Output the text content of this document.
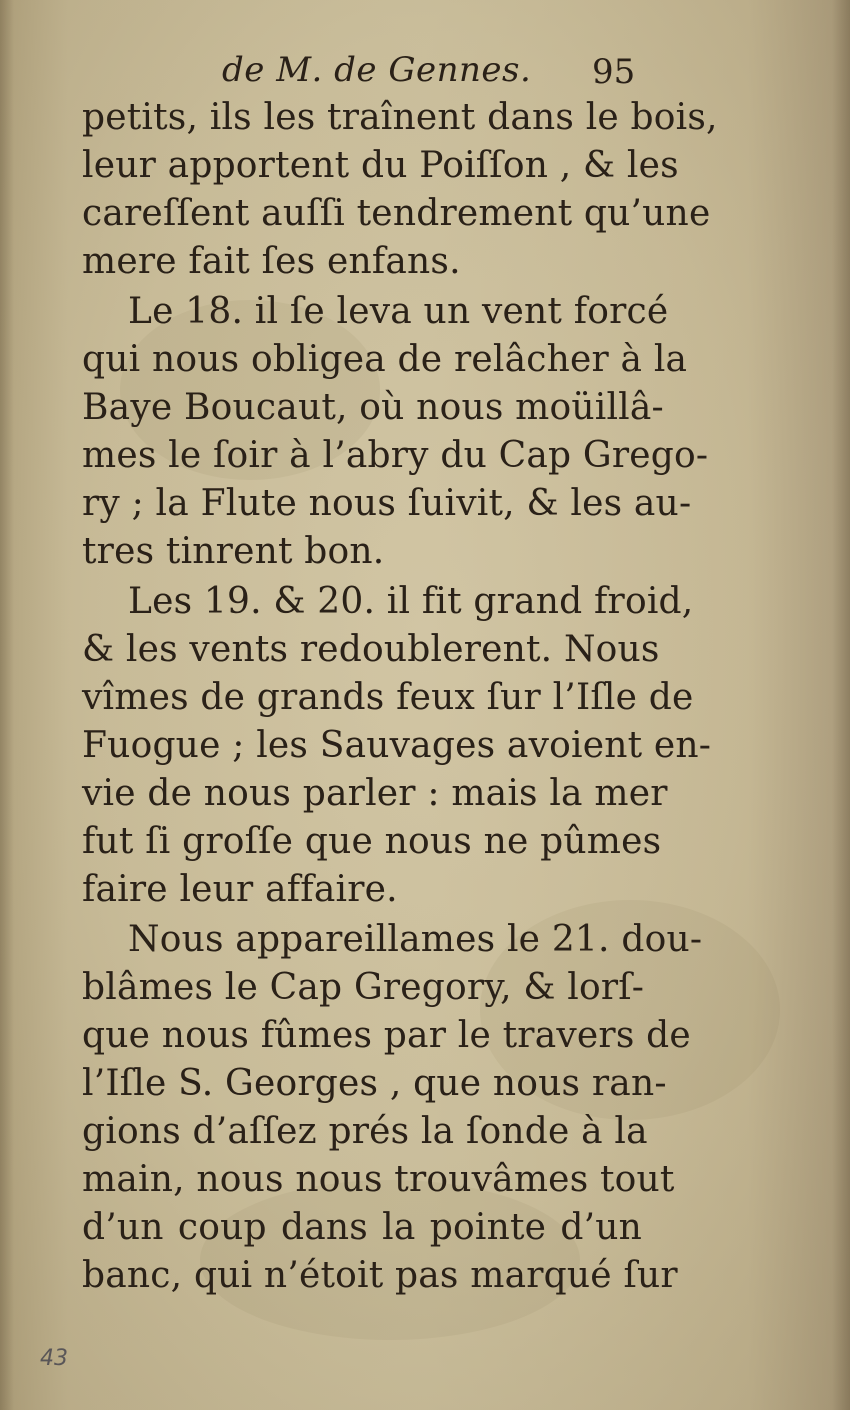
de M. de Gennes. 95
petits, ils les traînent dans le bois,
leur apportent du Poiſſon , & les
careſſent auſſi tendrement qu’une
mere fait ſes enfans.
Le 18. il ſe leva un vent forcé
qui nous obligea de relâcher à la
Baye Boucaut, où nous moüillâ-
mes le ſoir à l’abry du Cap Grego-
ry ; la Flute nous ſuivit, & les au-
tres tinrent bon.
Les 19. & 20. il fit grand froid,
& les vents redoublerent. Nous
vîmes de grands feux ſur l’Iſle de
Fuogue ; les Sauvages avoient en-
vie de nous parler : mais la mer
fut ſi groſſe que nous ne pûmes
faire leur affaire.
Nous appareillames le 21. dou-
blâmes le Cap Gregory, & lorſ-
que nous fûmes par le travers de
l’Iſle S. Georges , que nous ran-
gions d’aſſez prés la ſonde à la
main, nous nous trouvâmes tout
d’un coup dans la pointe d’un
banc, qui n’étoit pas marqué ſur
43
